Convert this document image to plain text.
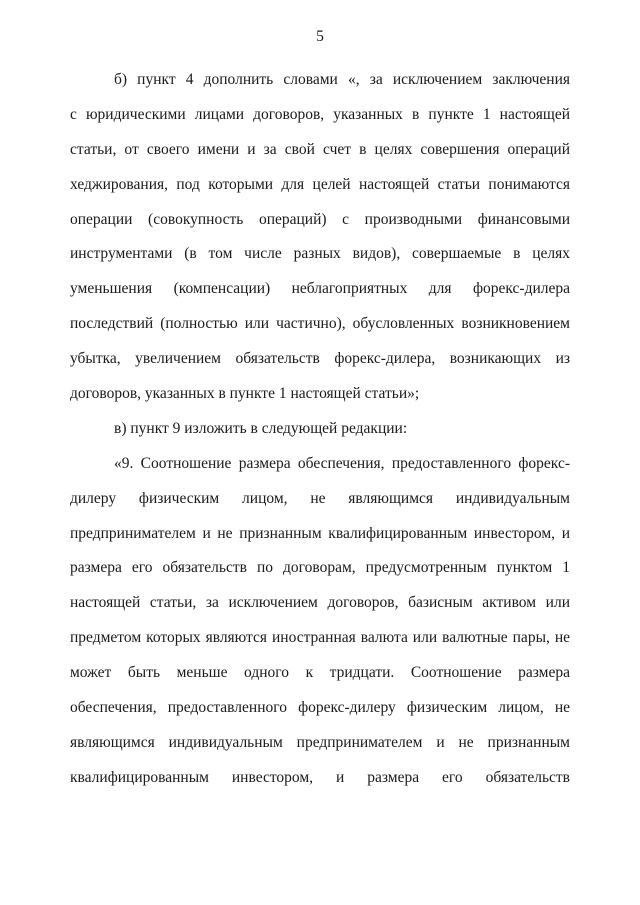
5
б) пункт 4 дополнить словами «, за исключением заключения
с юридическими лицами договоров, указанных в пункте 1 настоящей
статьи, от своего имени и за свой счет в целях совершения операций
хеджирования, под которыми для целей настоящей статьи понимаются
операции (совокупность операций) с производными финансовыми
инструментами (в том числе разных видов), совершаемые в целях
уменьшения (компенсации) неблагоприятных для форекс-дилера
последствий (полностью или частично), обусловленных возникновением
убытка, увеличением обязательств форекс-дилера, возникающих из
договоров, указанных в пункте 1 настоящей статьи»;
в) пункт 9 изложить в следующей редакции:
«9. Соотношение размера обеспечения, предоставленного форекс-
дилеру физическим лицом, не являющимся индивидуальным
предпринимателем и не признанным квалифицированным инвестором, и
размера его обязательств по договорам, предусмотренным пунктом 1
настоящей статьи, за исключением договоров, базисным активом или
предметом которых являются иностранная валюта или валютные пары, не
может быть меньше одного к тридцати. Соотношение размера
обеспечения, предоставленного форекс-дилеру физическим лицом, не
являющимся индивидуальным предпринимателем и не признанным
квалифицированным инвестором, и размера его обязательств
